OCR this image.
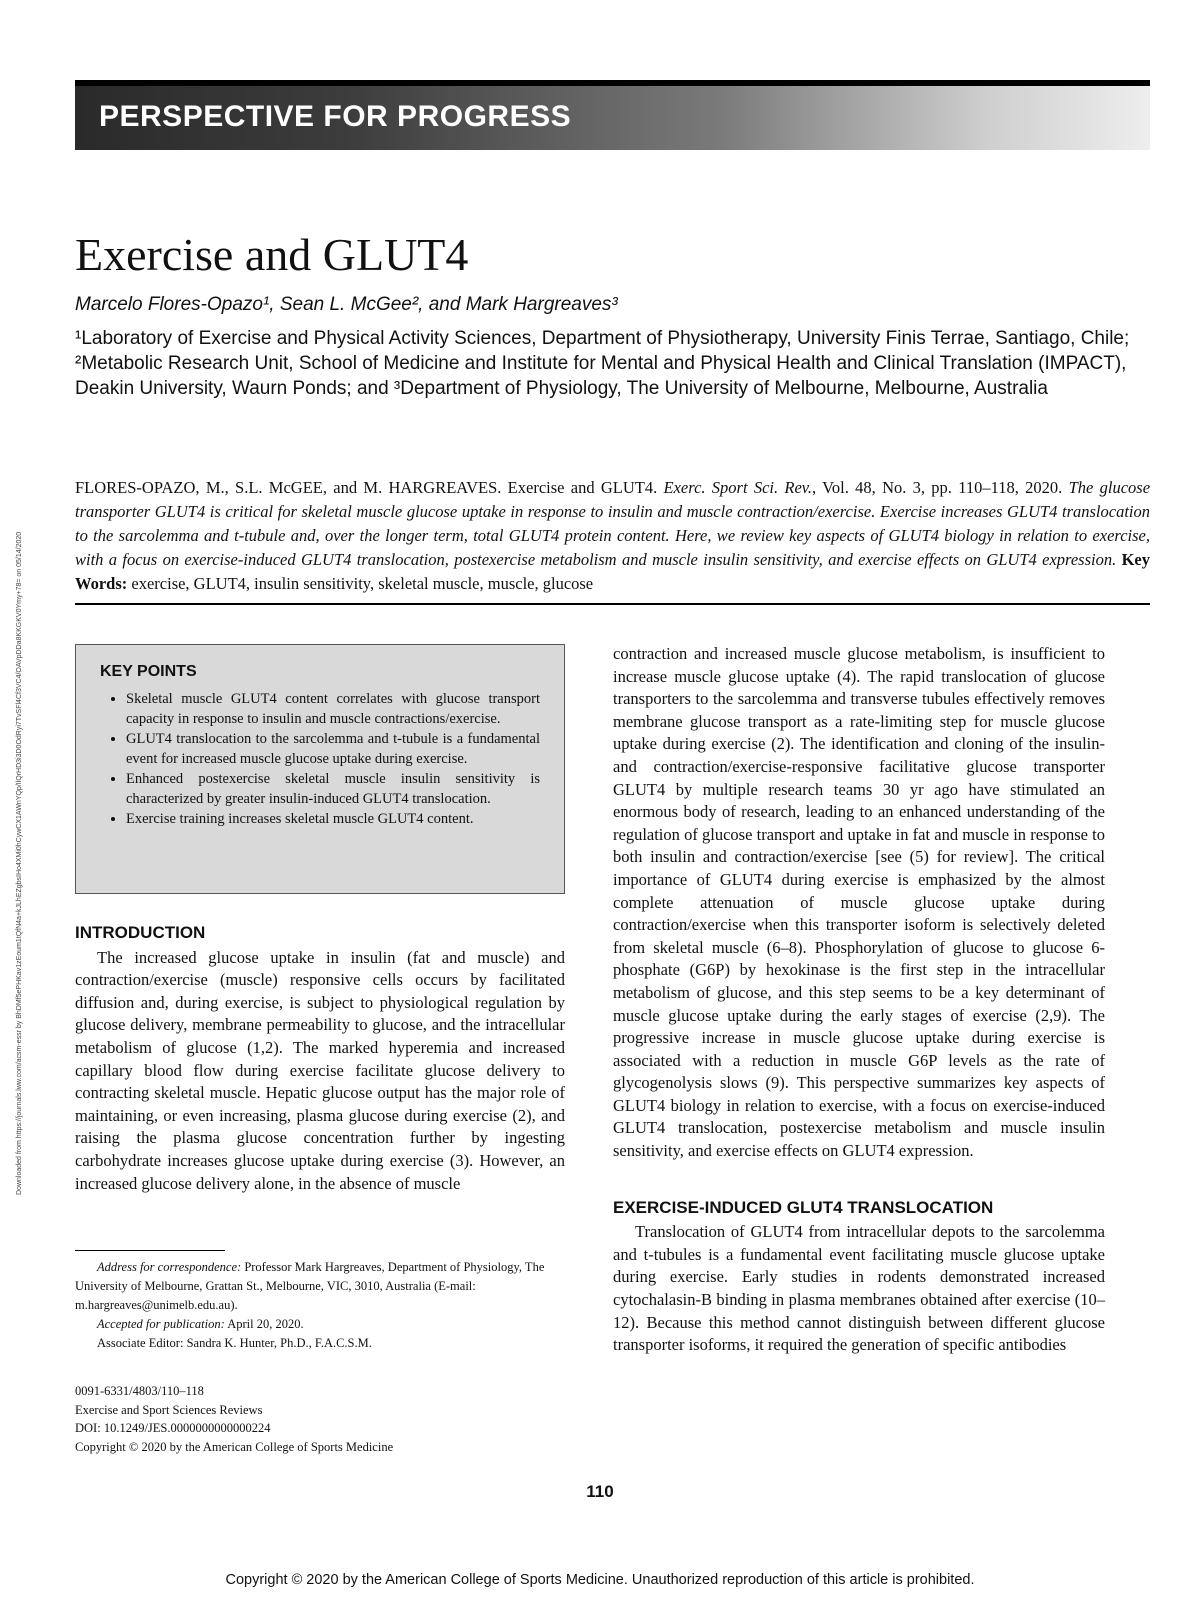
Downloaded from https://journals.lww.com/acsm-essr by BhDMf5ePHKav1zEoum1tQfN4a+kJLhEZgbsIHo4XMi0hCywCX1AWnYQp/IlQrHD3i3D0OdRyi7TvSFl4Cf3VC4/OAVpDDa8KKGKV0Ymy+78= on 05/14/2020
PERSPECTIVE FOR PROGRESS
Exercise and GLUT4
Marcelo Flores-Opazo¹, Sean L. McGee², and Mark Hargreaves³
¹Laboratory of Exercise and Physical Activity Sciences, Department of Physiotherapy, University Finis Terrae, Santiago, Chile; ²Metabolic Research Unit, School of Medicine and Institute for Mental and Physical Health and Clinical Translation (IMPACT), Deakin University, Waurn Ponds; and ³Department of Physiology, The University of Melbourne, Melbourne, Australia
FLORES-OPAZO, M., S.L. McGEE, and M. HARGREAVES. Exercise and GLUT4. Exerc. Sport Sci. Rev., Vol. 48, No. 3, pp. 110–118, 2020. The glucose transporter GLUT4 is critical for skeletal muscle glucose uptake in response to insulin and muscle contraction/exercise. Exercise increases GLUT4 translocation to the sarcolemma and t-tubule and, over the longer term, total GLUT4 protein content. Here, we review key aspects of GLUT4 biology in relation to exercise, with a focus on exercise-induced GLUT4 translocation, postexercise metabolism and muscle insulin sensitivity, and exercise effects on GLUT4 expression. Key Words: exercise, GLUT4, insulin sensitivity, skeletal muscle, muscle, glucose
KEY POINTS
• Skeletal muscle GLUT4 content correlates with glucose transport capacity in response to insulin and muscle contractions/exercise.
• GLUT4 translocation to the sarcolemma and t-tubule is a fundamental event for increased muscle glucose uptake during exercise.
• Enhanced postexercise skeletal muscle insulin sensitivity is characterized by greater insulin-induced GLUT4 translocation.
• Exercise training increases skeletal muscle GLUT4 content.
INTRODUCTION

The increased glucose uptake in insulin (fat and muscle) and contraction/exercise (muscle) responsive cells occurs by facilitated diffusion and, during exercise, is subject to physiological regulation by glucose delivery, membrane permeability to glucose, and the intracellular metabolism of glucose (1,2). The marked hyperemia and increased capillary blood flow during exercise facilitate glucose delivery to contracting skeletal muscle. Hepatic glucose output has the major role of maintaining, or even increasing, plasma glucose during exercise (2), and raising the plasma glucose concentration further by ingesting carbohydrate increases glucose uptake during exercise (3). However, an increased glucose delivery alone, in the absence of muscle

Address for correspondence: Professor Mark Hargreaves, Department of Physiology, The University of Melbourne, Grattan St., Melbourne, VIC, 3010, Australia (E-mail: m.hargreaves@unimelb.edu.au).

Accepted for publication: April 20, 2020.

Associate Editor: Sandra K. Hunter, Ph.D., F.A.C.S.M.

0091-6331/4803/110–118
Exercise and Sport Sciences Reviews
DOI: 10.1249/JES.0000000000000224
Copyright © 2020 by the American College of Sports Medicine

contraction and increased muscle glucose metabolism, is insufficient to increase muscle glucose uptake (4). The rapid translocation of glucose transporters to the sarcolemma and transverse tubules effectively removes membrane glucose transport as a rate-limiting step for muscle glucose uptake during exercise (2). The identification and cloning of the insulin- and contraction/exercise-responsive facilitative glucose transporter GLUT4 by multiple research teams 30 yr ago have stimulated an enormous body of research, leading to an enhanced understanding of the regulation of glucose transport and uptake in fat and muscle in response to both insulin and contraction/exercise [see (5) for review]. The critical importance of GLUT4 during exercise is emphasized by the almost complete attenuation of muscle glucose uptake during contraction/exercise when this transporter isoform is selectively deleted from skeletal muscle (6–8). Phosphorylation of glucose to glucose 6-phosphate (G6P) by hexokinase is the first step in the intracellular metabolism of glucose, and this step seems to be a key determinant of muscle glucose uptake during the early stages of exercise (2,9). The progressive increase in muscle glucose uptake during exercise is associated with a reduction in muscle G6P levels as the rate of glycogenolysis slows (9). This perspective summarizes key aspects of GLUT4 biology in relation to exercise, with a focus on exercise-induced GLUT4 translocation, postexercise metabolism and muscle insulin sensitivity, and exercise effects on GLUT4 expression.

EXERCISE-INDUCED GLUT4 TRANSLOCATION

Translocation of GLUT4 from intracellular depots to the sarcolemma and t-tubules is a fundamental event facilitating muscle glucose uptake during exercise. Early studies in rodents demonstrated increased cytochalasin-B binding in plasma membranes obtained after exercise (10–12). Because this method cannot distinguish between different glucose transporter isoforms, it required the generation of specific antibodies

110
Copyright © 2020 by the American College of Sports Medicine. Unauthorized reproduction of this article is prohibited.
